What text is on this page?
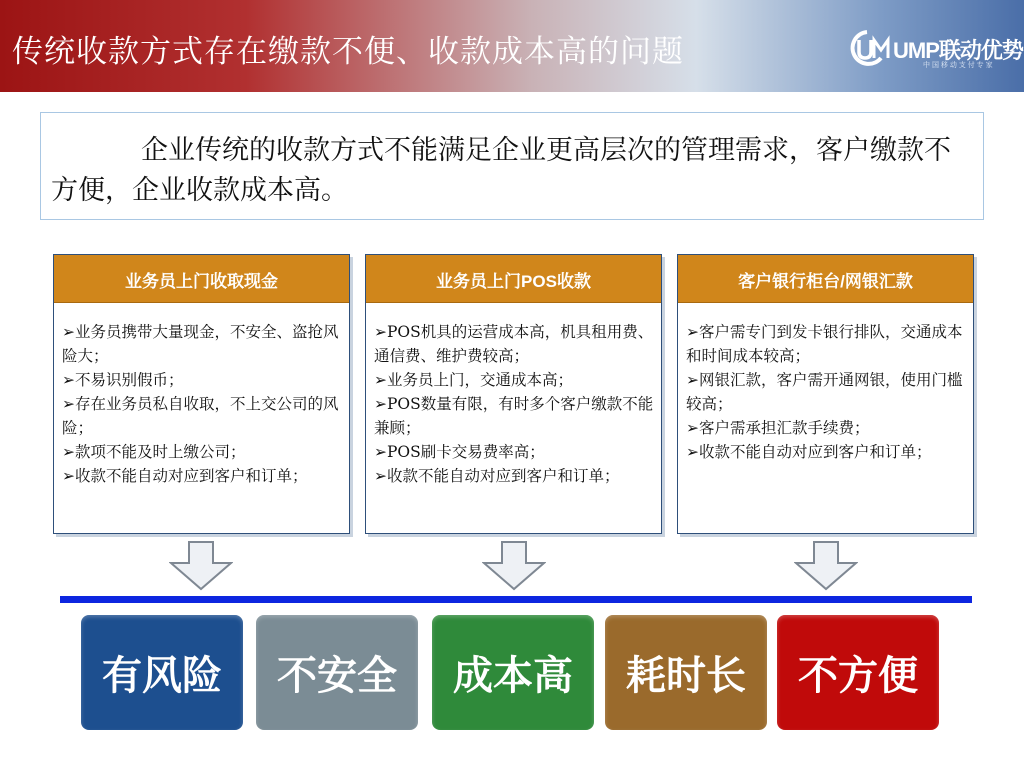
传统收款方式存在缴款不便、收款成本高的问题	UMP联动优势
中 国 移 动 支 付 专 家
企业传统的收款方式不能满足企业更高层次的管理需求，客户缴款不方便，企业收款成本高。
业务员上门收取现金
➢业务员携带大量现金，不安全、盗抢风险大；
➢不易识别假币；
➢存在业务员私自收取，不上交公司的风险；
➢款项不能及时上缴公司；
➢收款不能自动对应到客户和订单；
业务员上门POS收款
➢POS机具的运营成本高，机具租用费、通信费、维护费较高；
➢业务员上门，交通成本高；
➢POS数量有限，有时多个客户缴款不能兼顾；
➢POS刷卡交易费率高；
➢收款不能自动对应到客户和订单；
客户银行柜台/网银汇款
➢客户需专门到发卡银行排队，交通成本和时间成本较高；
➢网银汇款，客户需开通网银，使用门槛较高；
➢客户需承担汇款手续费；
➢收款不能自动对应到客户和订单；
有风险	不安全	成本高	耗时长	不方便
